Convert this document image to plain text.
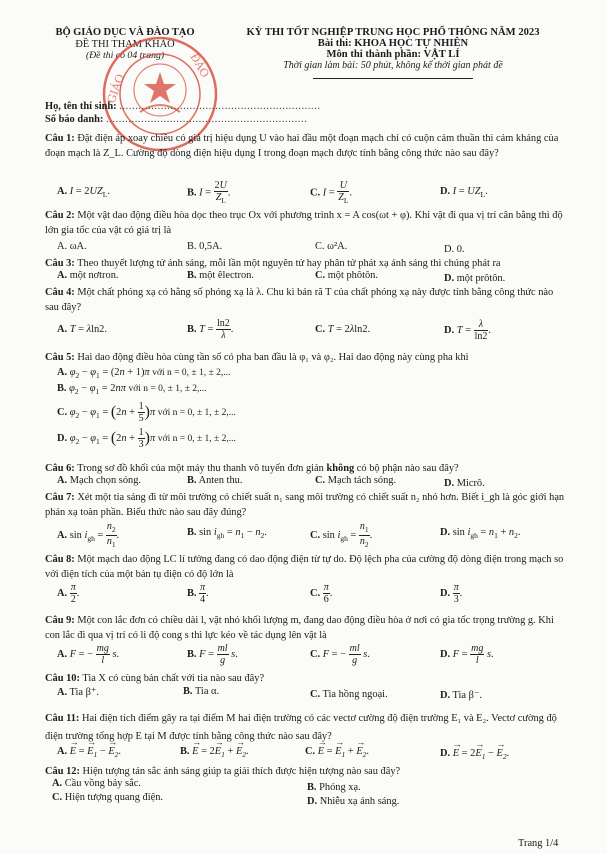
BỘ GIÁO DỤC VÀ ĐÀO TẠO
ĐỀ THI THAM KHẢO
(Đề thi có 04 trang)
GIÁO
ĐÀO
KỲ THI TỐT NGHIỆP TRUNG HỌC PHỔ THÔNG NĂM 2023
Bài thi: KHOA HỌC TỰ NHIÊN
Môn thi thành phần: VẬT LÍ
Thời gian làm bài: 50 phút, không kể thời gian phát đề
Họ, tên thí sinh: ...............................................................
Số báo danh: ...............................................................
Câu 1: Đặt điện áp xoay chiều có giá trị hiệu dụng U vào hai đầu một đoạn mạch chỉ có cuộn cảm thuần thì cảm kháng của đoạn mạch là Z_L. Cường độ dòng điện hiệu dụng I trong đoạn mạch được tính bằng công thức nào sau đây?
A. $I = 2UZ_L$.	B. $I = \frac{2U}{Z_L}$ .	C. $I = \frac{U}{Z_L}$ .	D. $I = UZ_L$.
Câu 2: Một vật dao động điều hòa dọc theo trục Ox với phương trình x = A cos(ωt + φ). Khi vật đi qua vị trí cân bằng thì độ lớn gia tốc của vật có giá trị là
A. ωA.	B. 0,5A.	C. ω²A.	D. 0.
Câu 3: Theo thuyết lượng tử ánh sáng, mỗi lần một nguyên tử hay phân tử phát xạ ánh sáng thì chúng phát ra
A. một nơtron.	B. một êlectron.	C. một phôtôn.	D. một prôtôn.
Câu 4: Một chất phóng xạ có hằng số phóng xạ là λ. Chu kì bán rã T của chất phóng xạ này được tính bằng công thức nào sau đây?
A. T = λln2.	B. $T = \frac{\ln 2}{\lambda}$ .	C. T = 2λln2.	D. $T = \frac{\lambda}{\ln 2}$ .
Câu 5: Hai dao động điều hòa cùng tần số có pha ban đầu là φ₁ và φ₂. Hai dao động này cùng pha khi
A. $\varphi_2 - \varphi_1 = (2n + 1)\pi$ với n = 0, ± 1, ± 2,...
B. $\varphi_2 - \varphi_1 = 2n\pi$ với n = 0, ± 1, ± 2,...
C. $\varphi_2 - \varphi_1 = (2n + \frac{1}{5} )\pi$ với n = 0, ± 1, ± 2,...
D. $\varphi_2 - \varphi_1 = (2n + \frac{1}{3} )\pi$ với n = 0, ± 1, ± 2,...
Câu 6: Trong sơ đồ khối của một máy thu thanh vô tuyến đơn giản không có bộ phận nào sau đây?
A. Mạch chọn sóng.	B. Anten thu.	C. Mạch tách sóng.	D. Micrô.
Câu 7: Xét một tia sáng đi từ môi trường có chiết suất n₁ sang môi trường có chiết suất n₂ nhỏ hơn. Biết i_gh là góc giới hạn phản xạ toàn phần. Biểu thức nào sau đây đúng?
A. $\sin i_{gh} = \frac{n_2}{n_1}$ .	B. $\sin i_{gh} = n_1 - n_2$.	C. $\sin i_{gh} = \frac{n_1}{n_2}$ .	D. $\sin i_{gh} = n_1 + n_2$.
Câu 8: Một mạch dao động LC lí tưởng đang có dao động điện từ tự do. Độ lệch pha của cường độ dòng điện trong mạch so với điện tích của một bản tụ điện có độ lớn là
A. $\frac{\pi}{2}$ .	B. $\frac{\pi}{4}$ .	C. $\frac{\pi}{6}$ .	D. $\frac{\pi}{3}$ .
Câu 9: Một con lắc đơn có chiều dài l, vật nhỏ khối lượng m, đang dao động điều hòa ở nơi có gia tốc trọng trường g. Khi con lắc đi qua vị trí có li độ cong s thì lực kéo về tác dụng lên vật là
A. F = − $\frac{mg}{l} s$.	B. $F = \frac{ml}{g} s$.	C. F = − $\frac{ml}{g} s$.	D. $F = \frac{mg}{l} s$.
Câu 10: Tia X có cùng bản chất với tia nào sau đây?
A. Tia β⁺.	B. Tia α.	C. Tia hồng ngoại.	D. Tia β⁻.
Câu 11: Hai điện tích điểm gây ra tại điểm M hai điện trường có các vectơ cường độ điện trường E₁ và E₂. Vectơ cường độ điện trường tổng hợp E tại M được tính bằng công thức nào sau đây?
A. → E = → $E_1$ − → $E_2$.	B. → $E = 2\to E_1$ + → $E_2$.	C. → E = → $E_1$ + → $E_2$.	D. → $E = 2\to E_1$ − → $E_2$.
Câu 12: Hiện tượng tán sắc ánh sáng giúp ta giải thích được hiện tượng nào sau đây?
A. Cầu vồng bảy sắc.	B. Phóng xạ.
C. Hiện tượng quang điện.	D. Nhiễu xạ ánh sáng.
Trang 1/4
